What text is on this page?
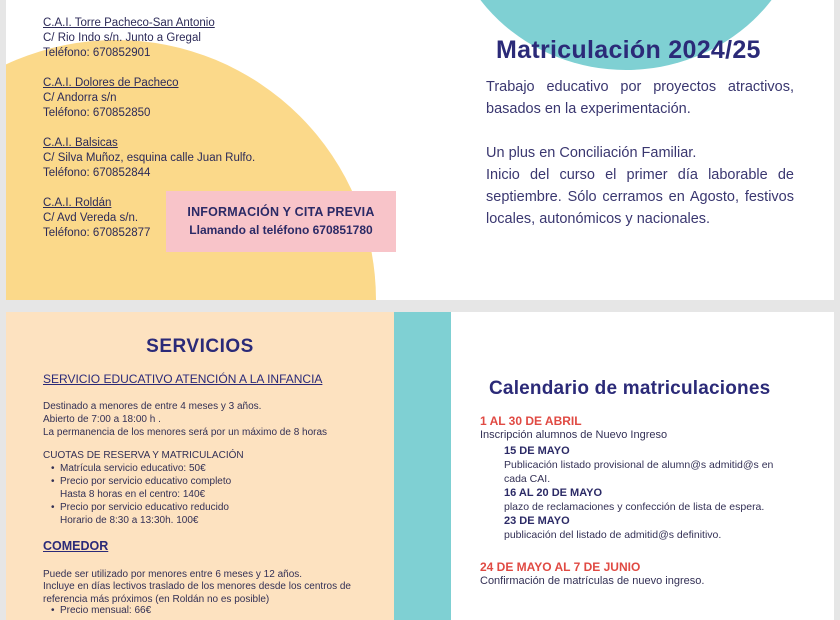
C.A.I. Torre Pacheco-San Antonio
C/ Rio Indo s/n. Junto a Gregal
Teléfono: 670852901
C.A.I. Dolores de Pacheco
C/ Andorra s/n
Teléfono: 670852850
C.A.I. Balsicas
C/ Silva Muñoz, esquina calle Juan Rulfo.
Teléfono: 670852844
C.A.I. Roldán
C/ Avd Vereda s/n.
Teléfono: 670852877
INFORMACIÓN Y CITA PREVIA
Llamando al teléfono 670851780
Matriculación 2024/25

Trabajo educativo por proyectos atractivos, basados en la experimentación.

Un plus en Conciliación Familiar.

Inicio del curso el primer día laborable de septiembre. Sólo cerramos en Agosto, festivos locales, autonómicos y nacionales.

SERVICIOS
SERVICIO EDUCATIVO ATENCIÓN A LA INFANCIA
Destinado a menores de entre 4 meses y 3 años.
Abierto de 7:00 a 18:00 h .
La permanencia de los menores será por un máximo de 8 horas
CUOTAS DE RESERVA Y MATRICULACIÓN
• Matrícula servicio educativo: 50€
• Precio por servicio educativo completo
Hasta 8 horas en el centro: 140€
• Precio por servicio educativo reducido
Horario de 8:30 a 13:30h. 100€
COMEDOR
Puede ser utilizado por menores entre 6 meses y 12 años.
Incluye en días lectivos traslado de los menores desde los centros de referencia más próximos (en Roldán no es posible)
• Precio mensual: 66€
Calendario de matriculaciones
1 AL 30 DE ABRIL
Inscripción alumnos de Nuevo Ingreso
15 DE MAYO
Publicación listado provisional de alumn@s admitid@s en cada CAI.
16 AL 20 DE MAYO
plazo de reclamaciones y confección de lista de espera.
23 DE MAYO
publicación del listado de admitid@s definitivo.
24 DE MAYO AL 7 DE JUNIO
Confirmación de matrículas de nuevo ingreso.
